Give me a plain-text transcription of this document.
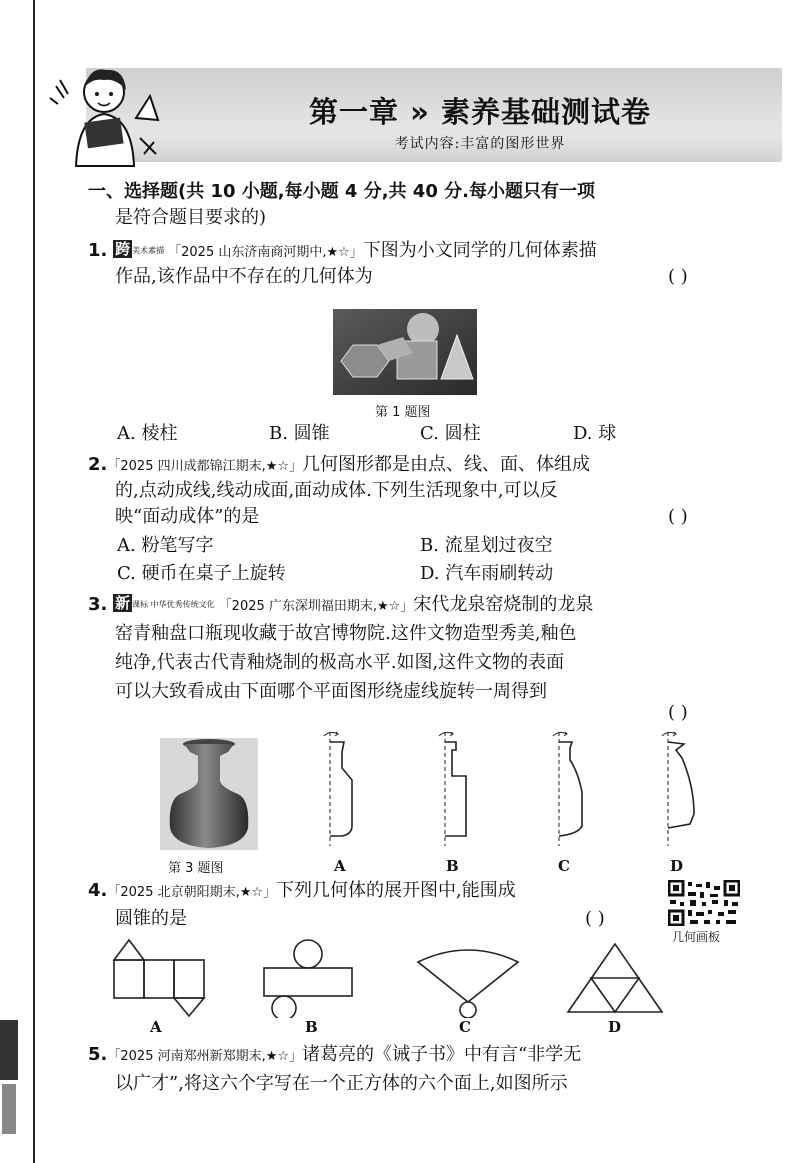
第一章 » 素养基础测试卷
考试内容:丰富的图形世界
一、选择题(共 10 小题,每小题 4 分,共 40 分.每小题只有一项
是符合题目要求的)
1. 跨 美术素描 「2025 山东济南商河期中,★☆」下图为小文同学的几何体素描
作品,该作品中不存在的几何体为	( )
第 1 题图
A. 棱柱	B. 圆锥	C. 圆柱	D. 球
2.「2025 四川成都锦江期末,★☆」几何图形都是由点、线、面、体组成
的,点动成线,线动成面,面动成体.下列生活现象中,可以反
映“面动成体”的是	( )
A. 粉笔写字	B. 流星划过夜空
C. 硬币在桌子上旋转	D. 汽车雨刷转动
3. 新 课标 中华优秀传统文化 「2025 广东深圳福田期末,★☆」宋代龙泉窑烧制的龙泉
窑青釉盘口瓶现收藏于故宫博物院.这件文物造型秀美,釉色
纯净,代表古代青釉烧制的极高水平.如图,这件文物的表面
可以大致看成由下面哪个平面图形绕虚线旋转一周得到
( )
第 3 题图	A	B	C	D
4.「2025 北京朝阳期末,★☆」下列几何体的展开图中,能围成
圆锥的是	( )
几何画板
A	B	C	D
5.「2025 河南郑州新郑期末,★☆」诸葛亮的《诫子书》中有言“非学无
以广才”,将这六个字写在一个正方体的六个面上,如图所示
